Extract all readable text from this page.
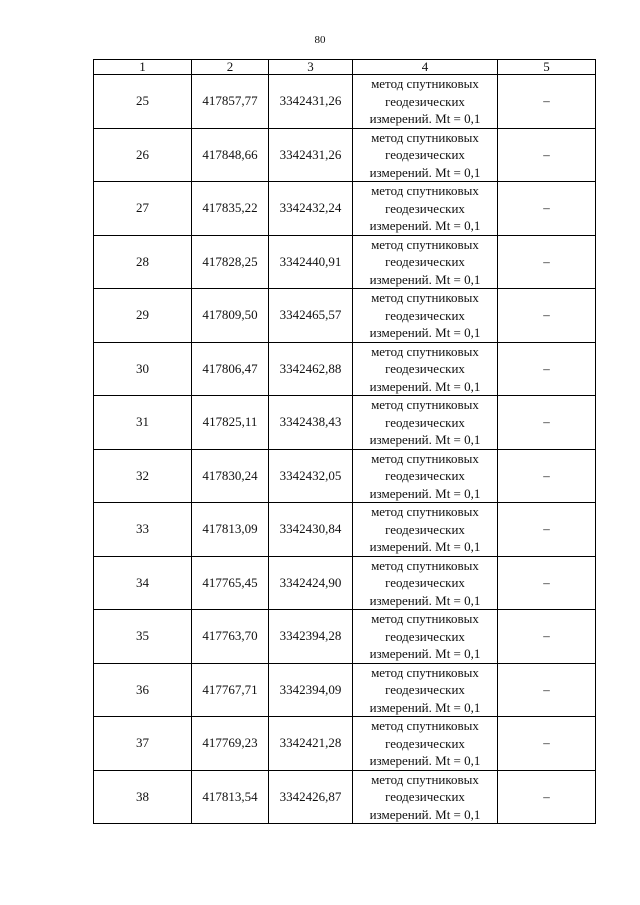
80
1	2	3	4	5
25	417857,77	3342431,26	метод спутниковых
геодезических
измерений. Mt = 0,1	–
26	417848,66	3342431,26	метод спутниковых
геодезических
измерений. Mt = 0,1	–
27	417835,22	3342432,24	метод спутниковых
геодезических
измерений. Mt = 0,1	–
28	417828,25	3342440,91	метод спутниковых
геодезических
измерений. Mt = 0,1	–
29	417809,50	3342465,57	метод спутниковых
геодезических
измерений. Mt = 0,1	–
30	417806,47	3342462,88	метод спутниковых
геодезических
измерений. Mt = 0,1	–
31	417825,11	3342438,43	метод спутниковых
геодезических
измерений. Mt = 0,1	–
32	417830,24	3342432,05	метод спутниковых
геодезических
измерений. Mt = 0,1	–
33	417813,09	3342430,84	метод спутниковых
геодезических
измерений. Mt = 0,1	–
34	417765,45	3342424,90	метод спутниковых
геодезических
измерений. Mt = 0,1	–
35	417763,70	3342394,28	метод спутниковых
геодезических
измерений. Mt = 0,1	–
36	417767,71	3342394,09	метод спутниковых
геодезических
измерений. Mt = 0,1	–
37	417769,23	3342421,28	метод спутниковых
геодезических
измерений. Mt = 0,1	–
38	417813,54	3342426,87	метод спутниковых
геодезических
измерений. Mt = 0,1	–
